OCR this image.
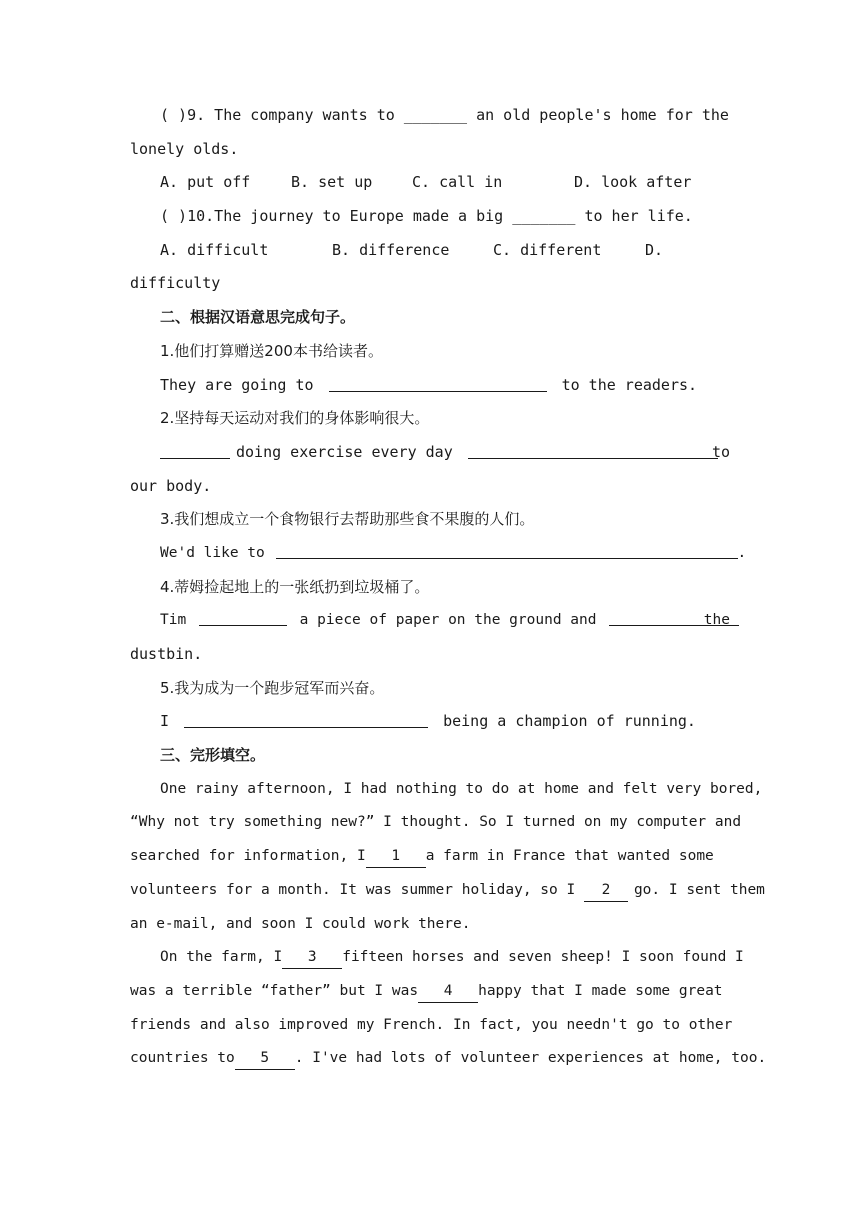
( )9. The company wants to _______ an old people's home for the
lonely olds.
A. put off	B. set up	C. call in	D. look after
( )10.The journey to Europe made a big _______ to her life.
A. difficult	B. difference	C. different	D.
difficulty
二、根据汉语意思完成句子。
1.他们打算赠送200本书给读者。
They are going to	to the readers.
2.坚持每天运动对我们的身体影响很大。
doing exercise every day	to
our body.
3.我们想成立一个食物银行去帮助那些食不果腹的人们。
We'd like to	.
4.蒂姆捡起地上的一张纸扔到垃圾桶了。
Tim	a piece of paper on the ground and	the
dustbin.
5.我为成为一个跑步冠军而兴奋。
I	being a champion of running.
三、完形填空。
One rainy afternoon, I had nothing to do at home and felt very bored,
“Why not try something new?” I thought. So I turned on my computer and
searched for information, I 1 a farm in France that wanted some
volunteers for a month. It was summer holiday, so I 2 go. I sent them
an e-mail, and soon I could work there.
On the farm, I 3 fifteen horses and seven sheep! I soon found I
was a terrible “father” but I was 4 happy that I made some great
friends and also improved my French. In fact, you needn't go to other
countries to 5 . I've had lots of volunteer experiences at home, too.
